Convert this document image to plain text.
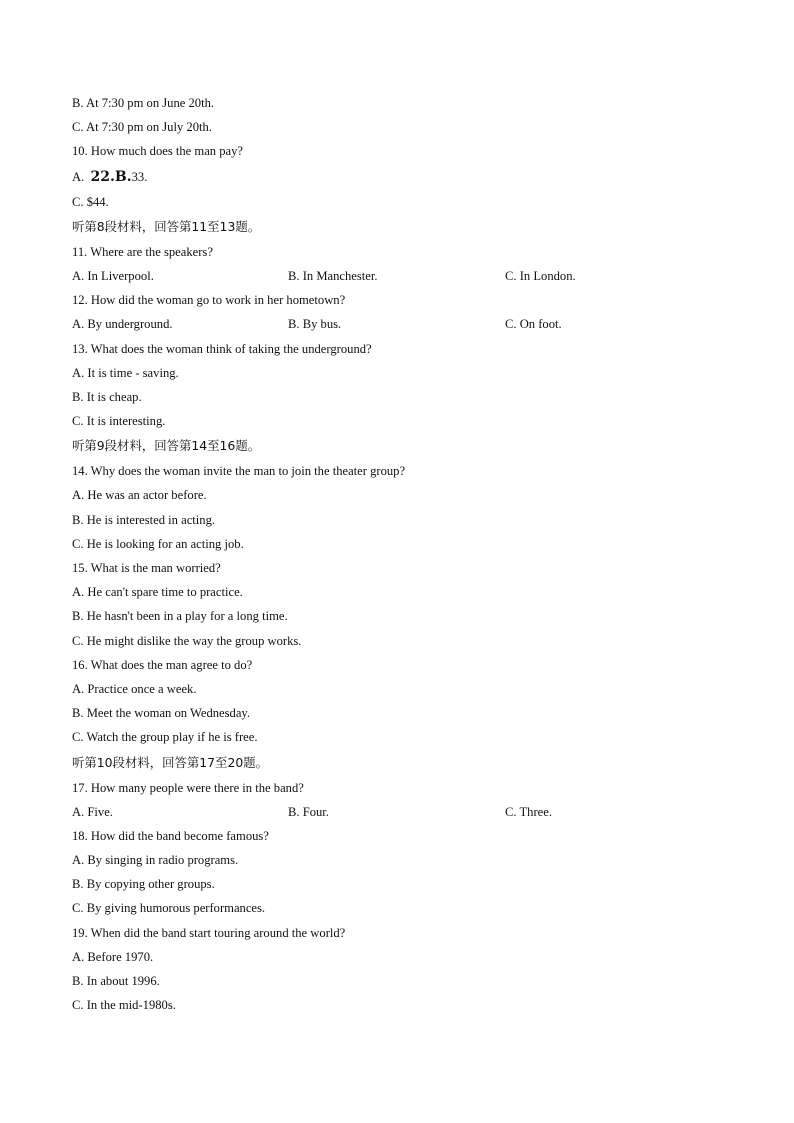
B. At 7:30 pm on June 20th.
C. At 7:30 pm on July 20th.
10. How much does the man pay?
A. 22.B.33.
C. $44.
听第8段材料，回答第11至13题。
11. Where are the speakers?
A. In Liverpool.	B. In Manchester.	C. In London.
12. How did the woman go to work in her hometown?
A. By underground.	B. By bus.	C. On foot.
13. What does the woman think of taking the underground?
A. It is time - saving.
B. It is cheap.
C. It is interesting.
听第9段材料，回答第14至16题。
14. Why does the woman invite the man to join the theater group?
A. He was an actor before.
B. He is interested in acting.
C. He is looking for an acting job.
15. What is the man worried?
A. He can't spare time to practice.
B. He hasn't been in a play for a long time.
C. He might dislike the way the group works.
16. What does the man agree to do?
A. Practice once a week.
B. Meet the woman on Wednesday.
C. Watch the group play if he is free.
听第10段材料，回答第17至20题。
17. How many people were there in the band?
A. Five.	B. Four.	C. Three.
18. How did the band become famous?
A. By singing in radio programs.
B. By copying other groups.
C. By giving humorous performances.
19. When did the band start touring around the world?
A. Before 1970.
B. In about 1996.
C. In the mid-1980s.
